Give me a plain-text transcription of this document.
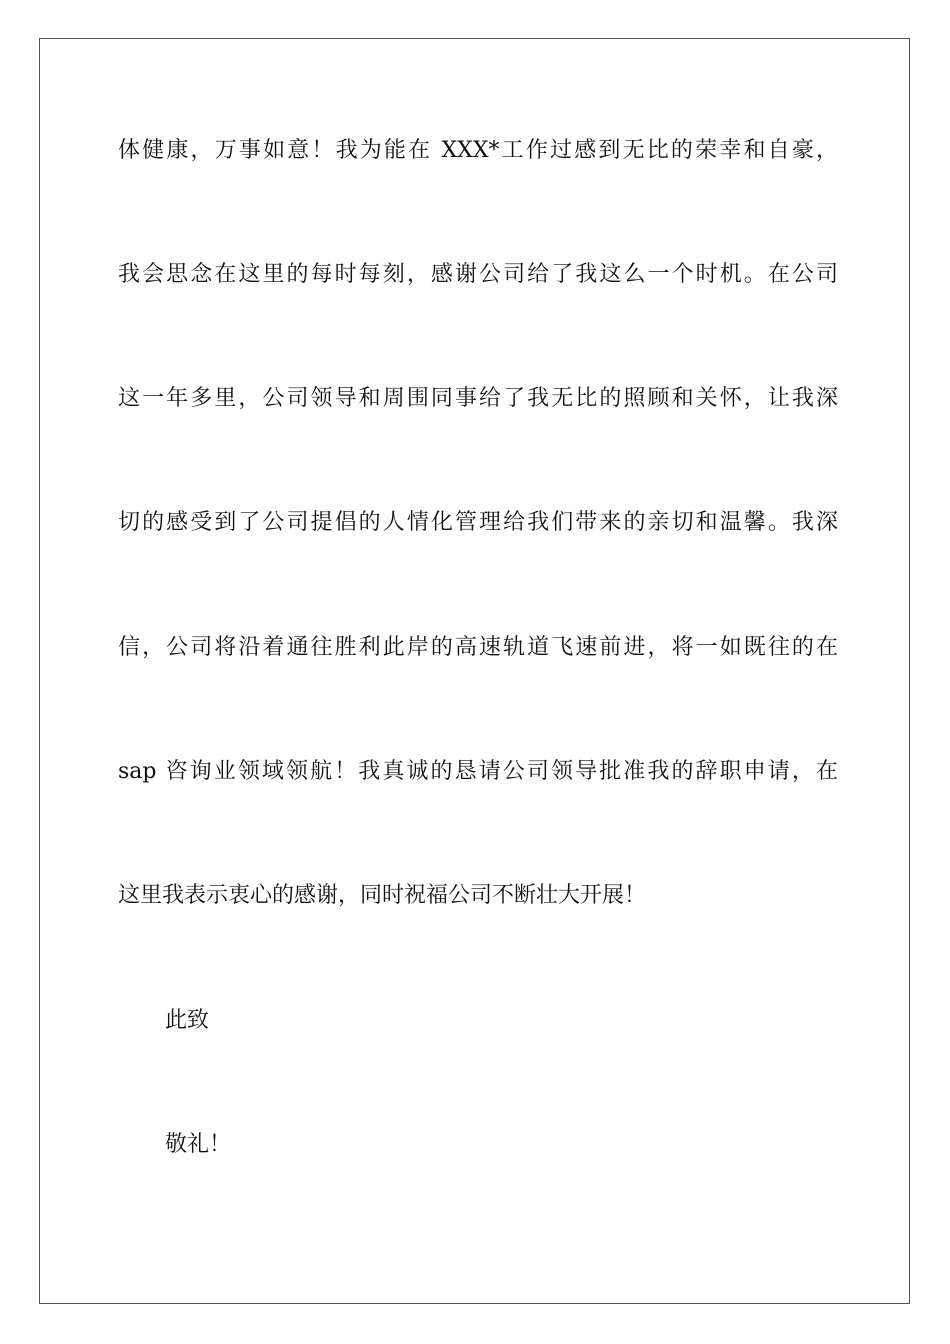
体健康，万事如意！我为能在 XXX*工作过感到无比的荣幸和自豪，
我会思念在这里的每时每刻，感谢公司给了我这么一个时机。在公司
这一年多里，公司领导和周围同事给了我无比的照顾和关怀，让我深
切的感受到了公司提倡的人情化管理给我们带来的亲切和温馨。我深
信，公司将沿着通往胜利此岸的高速轨道飞速前进，将一如既往的在
sap 咨询业领域领航！我真诚的恳请公司领导批准我的辞职申请，在
这里我表示衷心的感谢，同时祝福公司不断壮大开展！
此致
敬礼！
